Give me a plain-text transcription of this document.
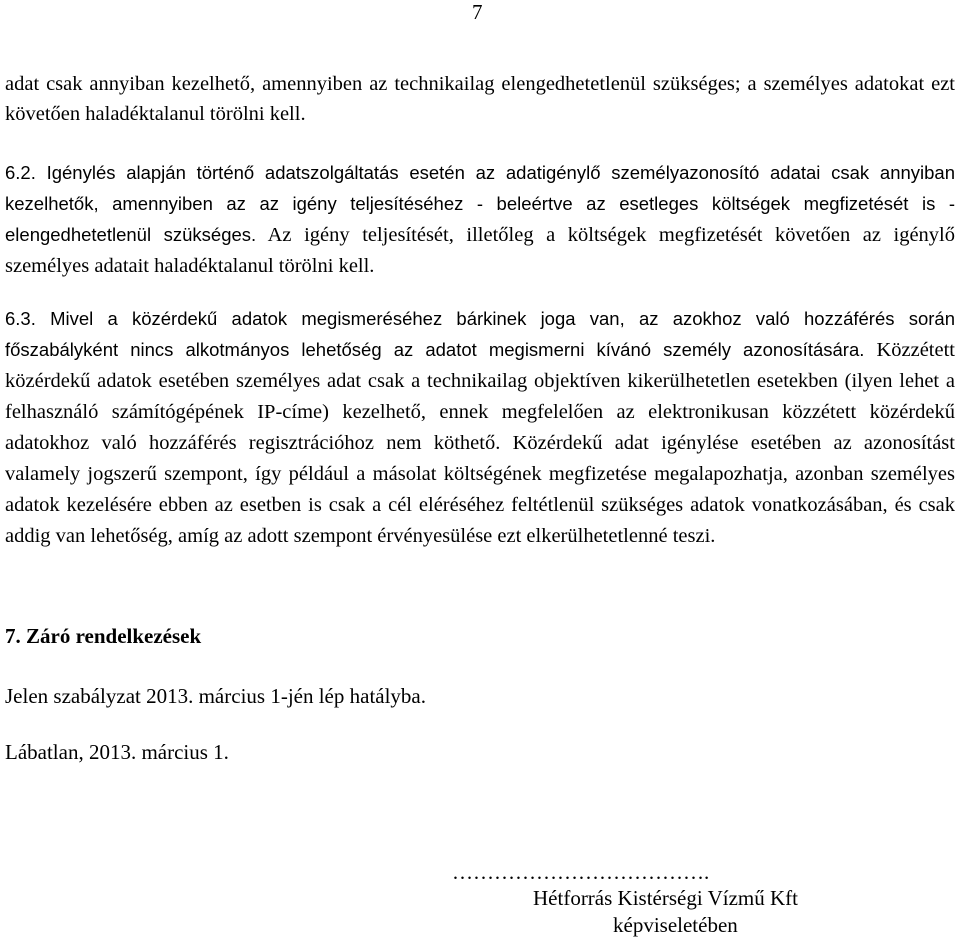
7

adat csak annyiban kezelhető, amennyiben az technikailag elengedhetetlenül szükséges; a személyes adatokat ezt követően haladéktalanul törölni kell.

6.2. Igénylés alapján történő adatszolgáltatás esetén az adatigénylő személyazonosító adatai csak annyiban kezelhetők, amennyiben az az igény teljesítéséhez - beleértve az esetleges költségek megfizetését is - elengedhetetlenül szükséges. Az igény teljesítését, illetőleg a költségek megfizetését követően az igénylő személyes adatait haladéktalanul törölni kell.

6.3. Mivel a közérdekű adatok megismeréséhez bárkinek joga van, az azokhoz való hozzáférés során főszabályként nincs alkotmányos lehetőség az adatot megismerni kívánó személy azonosítására. Közzétett közérdekű adatok esetében személyes adat csak a technikailag objektíven kikerülhetetlen esetekben (ilyen lehet a felhasználó számítógépének IP-címe) kezelhető, ennek megfelelően az elektronikusan közzétett közérdekű adatokhoz való hozzáférés regisztrációhoz nem köthető. Közérdekű adat igénylése esetében az azonosítást valamely jogszerű szempont, így például a másolat költségének megfizetése megalapozhatja, azonban személyes adatok kezelésére ebben az esetben is csak a cél eléréséhez feltétlenül szükséges adatok vonatkozásában, és csak addig van lehetőség, amíg az adott szempont érvényesülése ezt elkerülhetetlenné teszi.

7. Záró rendelkezések
Jelen szabályzat 2013. március 1-jén lép hatályba.
Lábatlan, 2013. március 1.
……………………………….
Hétforrás Kistérségi Vízmű Kft
képviseletében
